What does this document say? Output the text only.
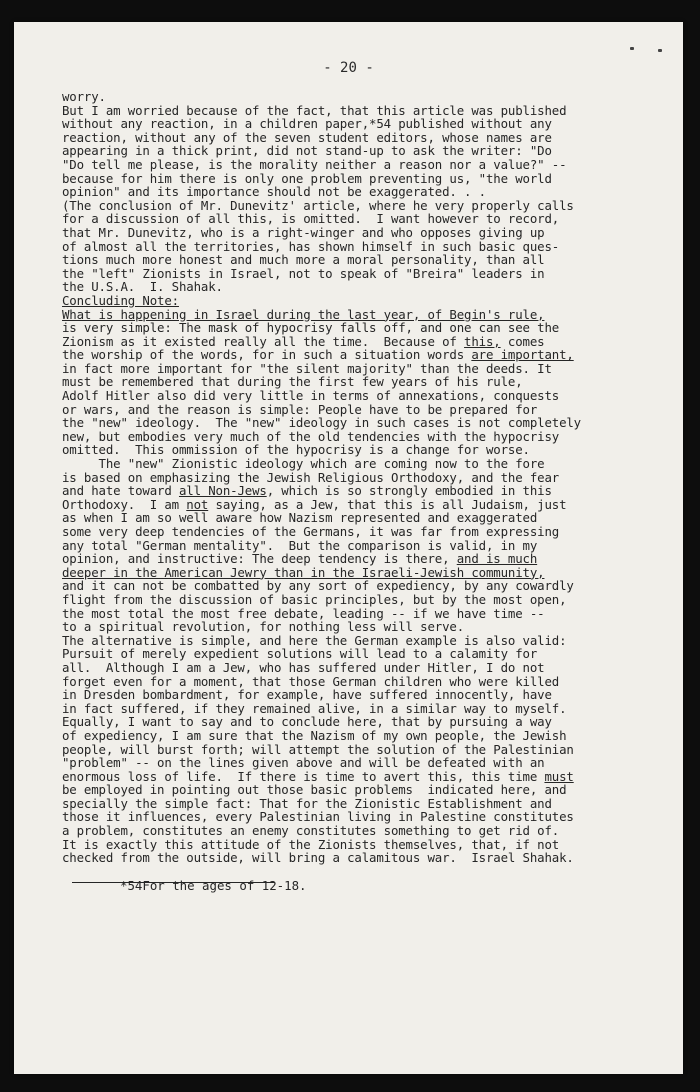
- 20 -
worry.
But I am worried because of the fact, that this article was published
without any reaction, in a children paper,*54 published without any
reaction, without any of the seven student editors, whose names are
appearing in a thick print, did not stand-up to ask the writer: "Do
"Do tell me please, is the morality neither a reason nor a value?" --
because for him there is only one problem preventing us, "the world
opinion" and its importance should not be exaggerated. . .
(The conclusion of Mr. Dunevitz' article, where he very properly calls
for a discussion of all this, is omitted.  I want however to record,
that Mr. Dunevitz, who is a right-winger and who opposes giving up
of almost all the territories, has shown himself in such basic ques-
tions much more honest and much more a moral personality, than all
the "left" Zionists in Israel, not to speak of "Breira" leaders in
the U.S.A.  I. Shahak.
Concluding Note:
What is happening in Israel during the last year, of Begin's rule,
is very simple: The mask of hypocrisy falls off, and one can see the
Zionism as it existed really all the time.  Because of this, comes
the worship of the words, for in such a situation words are important,
in fact more important for "the silent majority" than the deeds. It
must be remembered that during the first few years of his rule,
Adolf Hitler also did very little in terms of annexations, conquests
or wars, and the reason is simple: People have to be prepared for
the "new" ideology.  The "new" ideology in such cases is not completely
new, but embodies very much of the old tendencies with the hypocrisy
omitted.  This ommission of the hypocrisy is a change for worse.
The "new" Zionistic ideology which are coming now to the fore
is based on emphasizing the Jewish Religious Orthodoxy, and the fear
and hate toward all Non-Jews, which is so strongly embodied in this
Orthodoxy.  I am not saying, as a Jew, that this is all Judaism, just
as when I am so well aware how Nazism represented and exaggerated
some very deep tendencies of the Germans, it was far from expressing
any total "German mentality".  But the comparison is valid, in my
opinion, and instructive: The deep tendency is there, and is much
deeper in the American Jewry than in the Israeli-Jewish community,
and it can not be combatted by any sort of expediency, by any cowardly
flight from the discussion of basic principles, but by the most open,
the most total the most free debate, leading -- if we have time --
to a spiritual revolution, for nothing less will serve.
The alternative is simple, and here the German example is also valid:
Pursuit of merely expedient solutions will lead to a calamity for
all.  Although I am a Jew, who has suffered under Hitler, I do not
forget even for a moment, that those German children who were killed
in Dresden bombardment, for example, have suffered innocently, have
in fact suffered, if they remained alive, in a similar way to myself.
Equally, I want to say and to conclude here, that by pursuing a way
of expediency, I am sure that the Nazism of my own people, the Jewish
people, will burst forth; will attempt the solution of the Palestinian
"problem" -- on the lines given above and will be defeated with an
enormous loss of life.  If there is time to avert this, this time must
be employed in pointing out those basic problems  indicated here, and
specially the simple fact: That for the Zionistic Establishment and
those it influences, every Palestinian living in Palestine constitutes
a problem, constitutes an enemy constitutes something to get rid of.
It is exactly this attitude of the Zionists themselves, that, if not
checked from the outside, will bring a calamitous war.  Israel Shahak.
*54For the ages of 12-18.
